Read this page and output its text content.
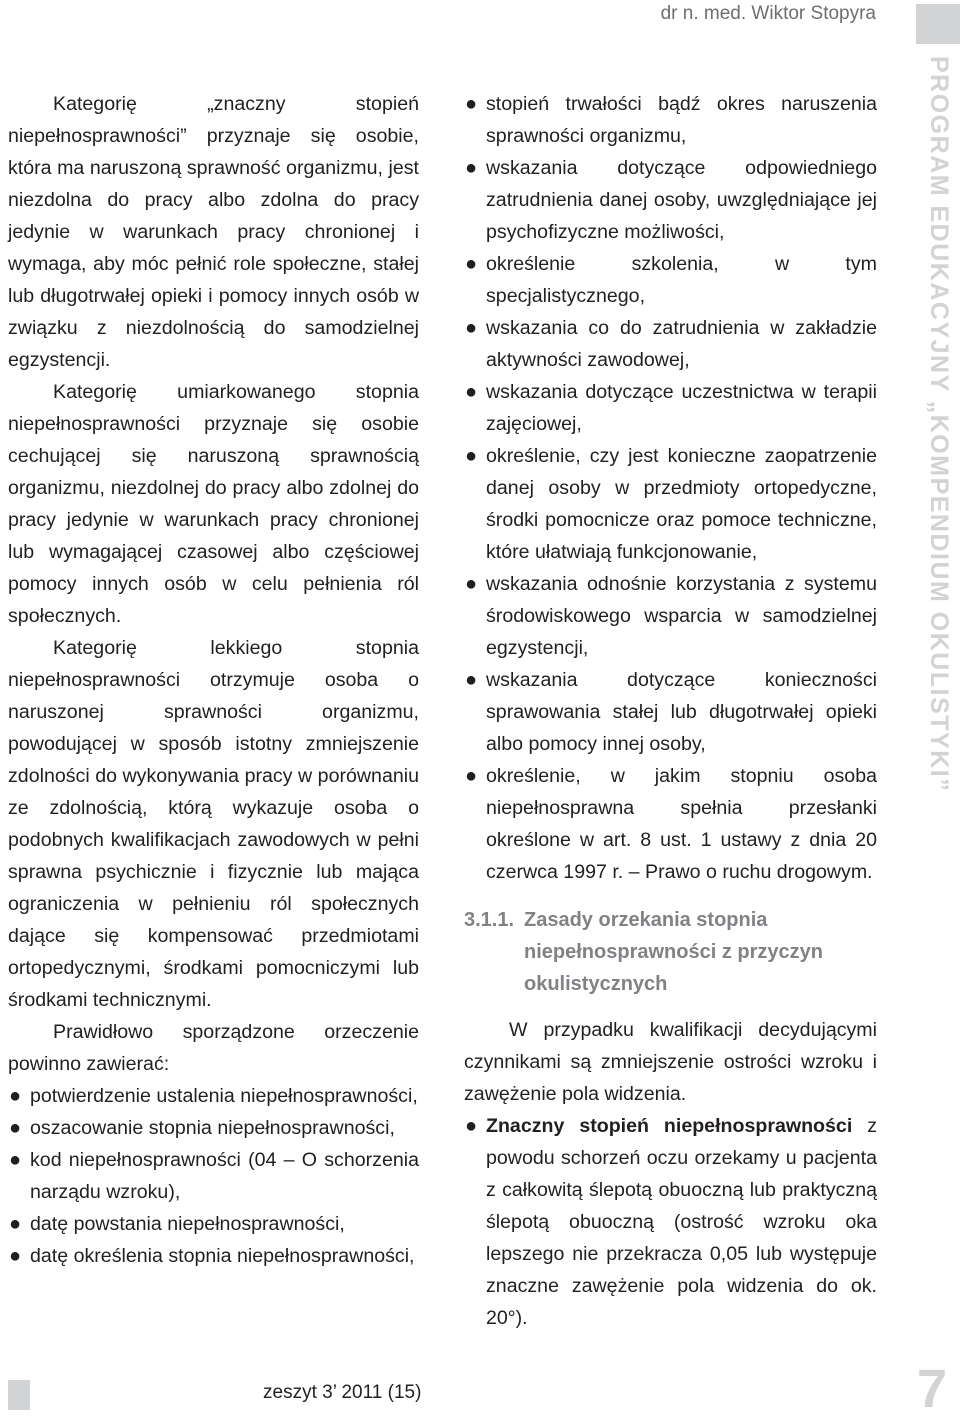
dr n. med. Wiktor Stopyra
PROGRAM EDUKACYJNY „KOMPENDIUM OKULISTYKI”

Kategorię „znaczny stopień niepełnosprawności” przyznaje się osobie, która ma naruszoną sprawność organizmu, jest niezdolna do pracy albo zdolna do pracy jedynie w warunkach pracy chronionej i wymaga, aby móc pełnić role społeczne, stałej lub długotrwałej opieki i pomocy innych osób w związku z niezdolnością do samodzielnej egzystencji.

Kategorię umiarkowanego stopnia niepełnosprawności przyznaje się osobie cechującej się naruszoną sprawnością organizmu, niezdolnej do pracy albo zdolnej do pracy jedynie w warunkach pracy chronionej lub wymagającej czasowej albo częściowej pomocy innych osób w celu pełnienia ról społecznych.

Kategorię lekkiego stopnia niepełnosprawności otrzymuje osoba o naruszonej sprawności organizmu, powodującej w sposób istotny zmniejszenie zdolności do wykonywania pracy w porównaniu ze zdolnością, którą wykazuje osoba o podobnych kwalifikacjach zawodowych w pełni sprawna psychicznie i fizycznie lub mająca ograniczenia w pełnieniu ról społecznych dające się kompensować przedmiotami ortopedycznymi, środkami pomocniczymi lub środkami technicznymi.

Prawidłowo sporządzone orzeczenie powinno zawierać:

● potwierdzenie ustalenia niepełnosprawności,
● oszacowanie stopnia niepełnosprawności,
● kod niepełnosprawności (04 – O schorzenia narządu wzroku),
● datę powstania niepełnosprawności,
● datę określenia stopnia niepełnosprawności,
● stopień trwałości bądź okres naruszenia sprawności organizmu,
● wskazania dotyczące odpowiedniego zatrudnienia danej osoby, uwzględniające jej psychofizyczne możliwości,
● określenie szkolenia, w tym specjalistycznego,
● wskazania co do zatrudnienia w zakładzie aktywności zawodowej,
● wskazania dotyczące uczestnictwa w terapii zajęciowej,
● określenie, czy jest konieczne zaopatrzenie danej osoby w przedmioty ortopedyczne, środki pomocnicze oraz pomoce techniczne, które ułatwiają funkcjonowanie,
● wskazania odnośnie korzystania z systemu środowiskowego wsparcia w samodzielnej egzystencji,
● wskazania dotyczące konieczności sprawowania stałej lub długotrwałej opieki albo pomocy innej osoby,
● określenie, w jakim stopniu osoba niepełnosprawna spełnia przesłanki określone w art. 8 ust. 1 ustawy z dnia 20 czerwca 1997 r. – Prawo o ruchu drogowym.
3.1.1. Zasady orzekania stopnia niepełnosprawności z przyczyn okulistycznych

W przypadku kwalifikacji decydującymi czynnikami są zmniejszenie ostrości wzroku i zawężenie pola widzenia.

● Znaczny stopień niepełnosprawności z powodu schorzeń oczu orzekamy u pacjenta z całkowitą ślepotą obuoczną lub praktyczną ślepotą obuoczną (ostrość wzroku oka lepszego nie przekracza 0,05 lub występuje znaczne zawężenie pola widzenia do ok. 20°).
zeszyt 3’ 2011 (15)	7
